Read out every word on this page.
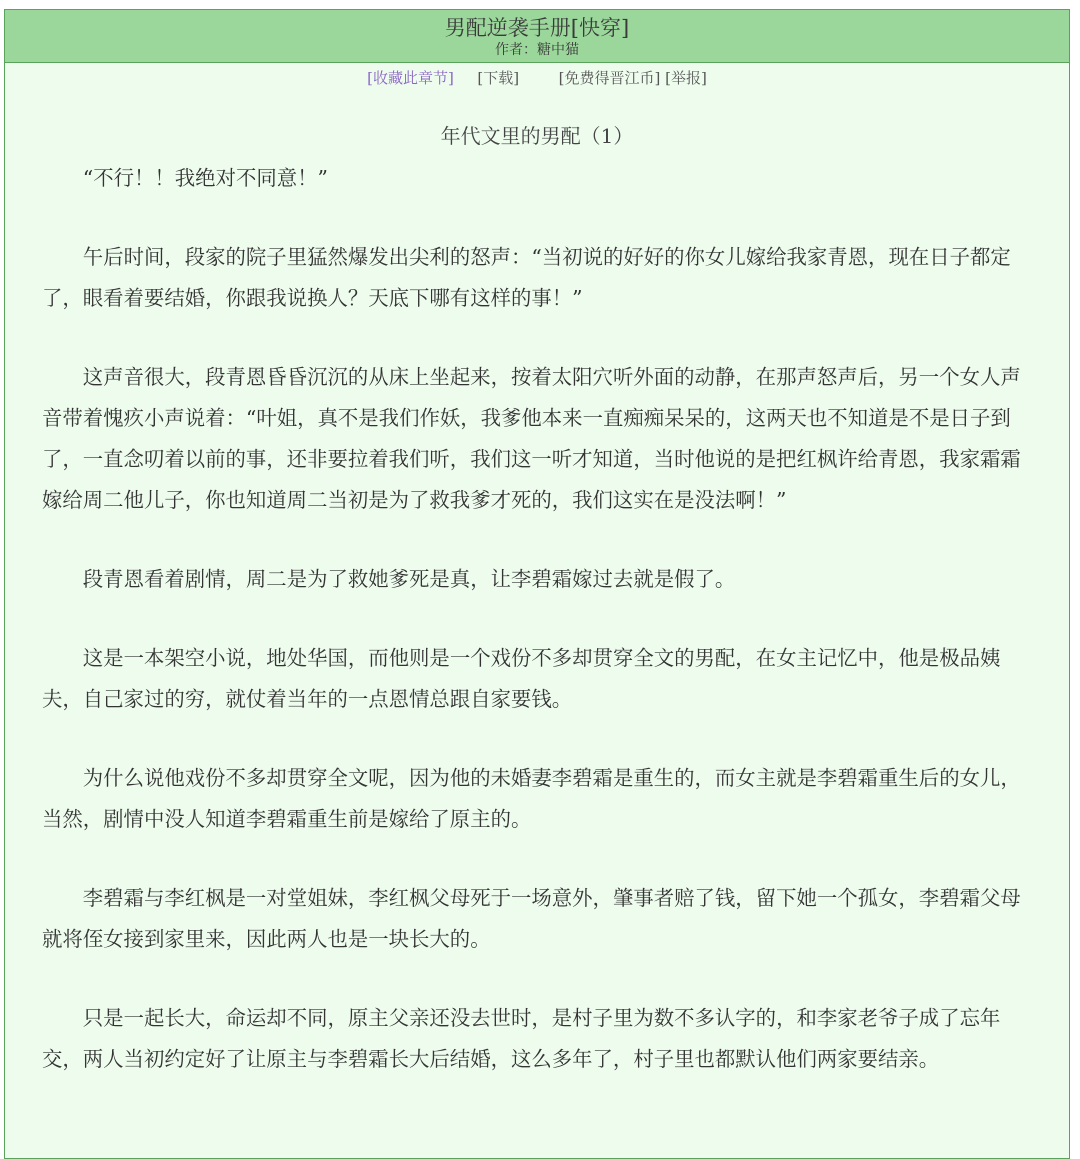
男配逆袭手册[快穿]
作者：糖中猫
[收藏此章节] [下载]	[免费得晋江币] [举报]
年代文里的男配（1）

“不行！！我绝对不同意！”

午后时间，段家的院子里猛然爆发出尖利的怒声：“当初说的好好的你女儿嫁给我家青恩，现在日子都定了，眼看着要结婚，你跟我说换人？天底下哪有这样的事！”

这声音很大，段青恩昏昏沉沉的从床上坐起来，按着太阳穴听外面的动静，在那声怒声后，另一个女人声音带着愧疚小声说着：“叶姐，真不是我们作妖，我爹他本来一直痴痴呆呆的，这两天也不知道是不是日子到了，一直念叨着以前的事，还非要拉着我们听，我们这一听才知道，当时他说的是把红枫许给青恩，我家霜霜嫁给周二他儿子，你也知道周二当初是为了救我爹才死的，我们这实在是没法啊！”

段青恩看着剧情，周二是为了救她爹死是真，让李碧霜嫁过去就是假了。

这是一本架空小说，地处华国，而他则是一个戏份不多却贯穿全文的男配，在女主记忆中，他是极品姨夫，自己家过的穷，就仗着当年的一点恩情总跟自家要钱。

为什么说他戏份不多却贯穿全文呢，因为他的未婚妻李碧霜是重生的，而女主就是李碧霜重生后的女儿，当然，剧情中没人知道李碧霜重生前是嫁给了原主的。

李碧霜与李红枫是一对堂姐妹，李红枫父母死于一场意外，肇事者赔了钱，留下她一个孤女，李碧霜父母就将侄女接到家里来，因此两人也是一块长大的。

只是一起长大，命运却不同，原主父亲还没去世时，是村子里为数不多认字的，和李家老爷子成了忘年交，两人当初约定好了让原主与李碧霜长大后结婚，这么多年了，村子里也都默认他们两家要结亲。
